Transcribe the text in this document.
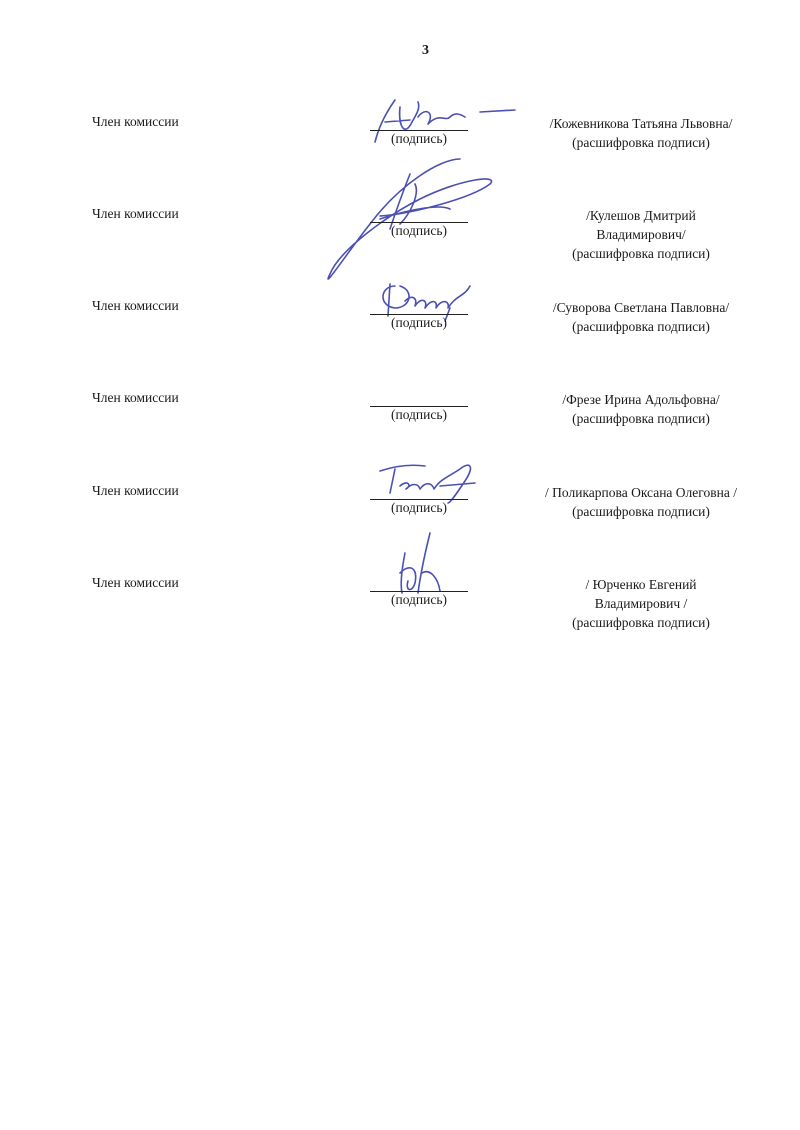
3
Член комиссии
(подпись)
/Кожевникова Татьяна Львовна/
(расшифровка подписи)
Член комиссии
(подпись)
/Кулешов Дмитрий Владимирович/
(расшифровка подписи)
Член комиссии
(подпись)
/Суворова Светлана Павловна/
(расшифровка подписи)
Член комиссии
(подпись)
/Фрезе Ирина Адольфовна/
(расшифровка подписи)
Член комиссии
(подпись)
/ Поликарпова Оксана Олеговна /
(расшифровка подписи)
Член комиссии
(подпись)
/ Юрченко Евгений Владимирович /
(расшифровка подписи)
